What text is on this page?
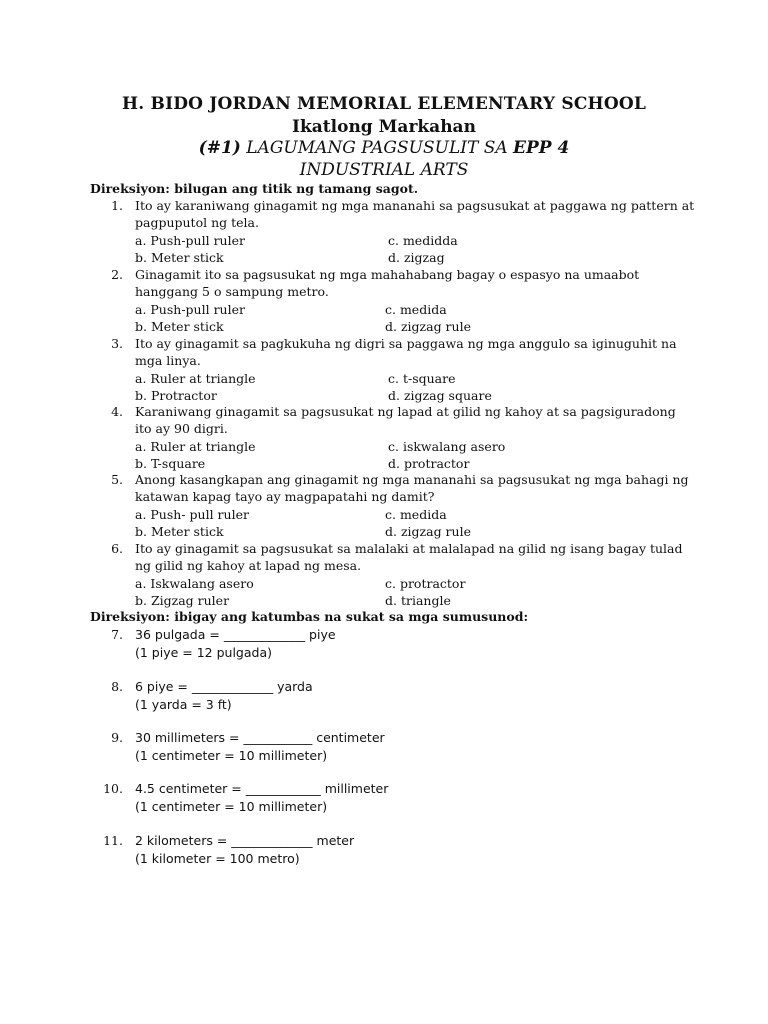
H. BIDO JORDAN MEMORIAL ELEMENTARY SCHOOL
Ikatlong Markahan
(#1) LAGUMANG PAGSUSULIT SA EPP 4
INDUSTRIAL ARTS
Direksiyon: bilugan ang titik ng tamang sagot.
1. Ito ay karaniwang ginagamit ng mga mananahi sa pagsusukat at paggawa ng pattern at pagpuputol ng tela.
a. Push-pull ruler
b. Meter stick
c. medidda
d. zigzag
2. Ginagamit ito sa pagsusukat ng mga mahahabang bagay o espasyo na umaabot hanggang 5 o sampung metro.
a. Push-pull ruler
b. Meter stick
c. medida
d. zigzag rule
3. Ito ay ginagamit sa pagkukuha ng digri sa paggawa ng mga anggulo sa iginuguhit na mga linya.
a. Ruler at triangle
b. Protractor
c. t-square
d. zigzag square
4. Karaniwang ginagamit sa pagsusukat ng lapad at gilid ng kahoy at sa pagsiguradong ito ay 90 digri.
a. Ruler at triangle
b. T-square
c. iskwalang asero
d. protractor
5. Anong kasangkapan ang ginagamit ng mga mananahi sa pagsusukat ng mga bahagi ng katawan kapag tayo ay magpapatahi ng damit?
a. Push- pull ruler
b. Meter stick
c. medida
d. zigzag rule
6. Ito ay ginagamit sa pagsusukat sa malalaki at malalapad na gilid ng isang bagay tulad ng gilid ng kahoy at lapad ng mesa.
a. Iskwalang asero
b. Zigzag ruler
c. protractor
d. triangle
Direksiyon: ibigay ang katumbas na sukat sa mga sumusunod:
7. 36 pulgada = _____________ piye
(1 piye = 12 pulgada)
8. 6 piye = _____________ yarda
(1 yarda = 3 ft)
9. 30 millimeters = ___________ centimeter
(1 centimeter = 10 millimeter)
10. 4.5 centimeter = ____________ millimeter
(1 centimeter = 10 millimeter)
11. 2 kilometers = _____________ meter
(1 kilometer = 100 metro)
